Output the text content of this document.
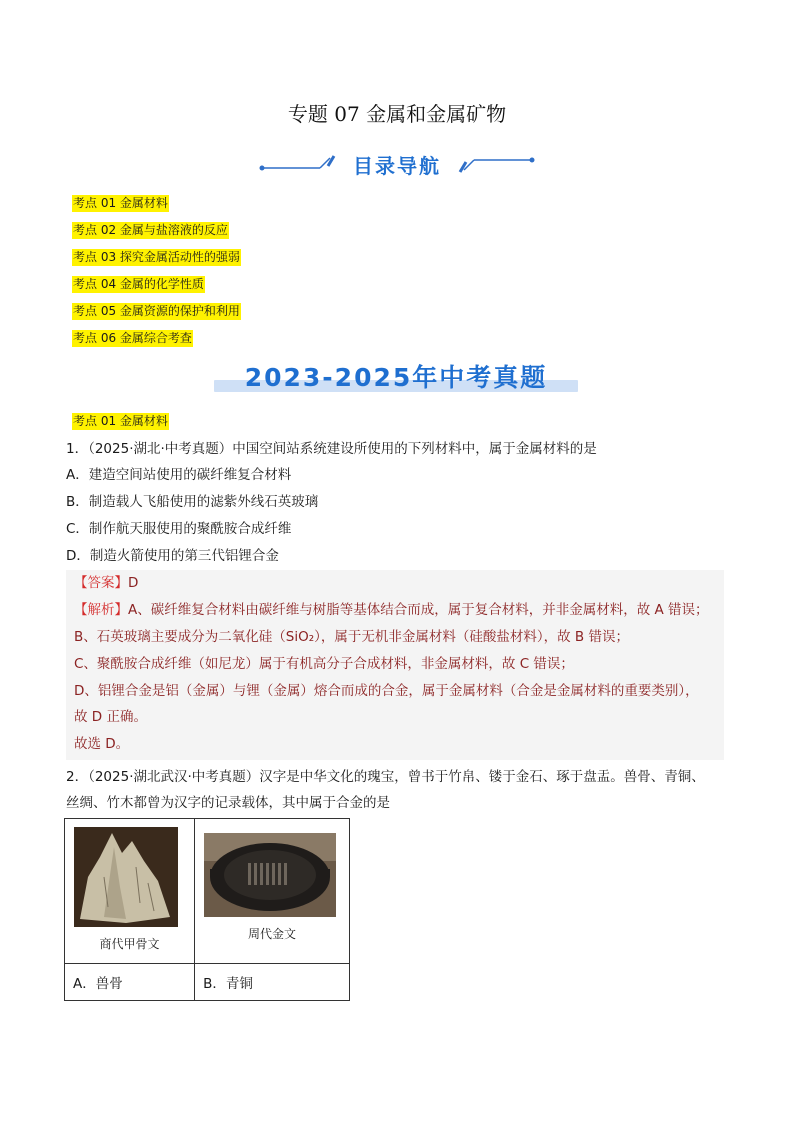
专题 07 金属和金属矿物
目录导航
考点 01 金属材料
考点 02 金属与盐溶液的反应
考点 03 探究金属活动性的强弱
考点 04 金属的化学性质
考点 05 金属资源的保护和利用
考点 06 金属综合考查
2023-2025年中考真题
考点 01 金属材料
1．（2025·湖北·中考真题）中国空间站系统建设所使用的下列材料中，属于金属材料的是
A．建造空间站使用的碳纤维复合材料
B．制造载人飞船使用的滤紫外线石英玻璃
C．制作航天服使用的聚酰胺合成纤维
D．制造火箭使用的第三代铝锂合金
【答案】D
【解析】A、碳纤维复合材料由碳纤维与树脂等基体结合而成，属于复合材料，并非金属材料，故 A 错误；
B、石英玻璃主要成分为二氧化硅（SiO₂），属于无机非金属材料（硅酸盐材料），故 B 错误；
C、聚酰胺合成纤维（如尼龙）属于有机高分子合成材料，非金属材料，故 C 错误；
D、铝锂合金是铝（金属）与锂（金属）熔合而成的合金，属于金属材料（合金是金属材料的重要类别），
故 D 正确。
故选 D。
2．（2025·湖北武汉·中考真题）汉字是中华文化的瑰宝，曾书于竹帛、镂于金石、琢于盘盂。兽骨、青铜、
丝绸、竹木都曾为汉字的记录载体，其中属于合金的是
商代甲骨文	周代金文

A．兽骨	B．青铜
